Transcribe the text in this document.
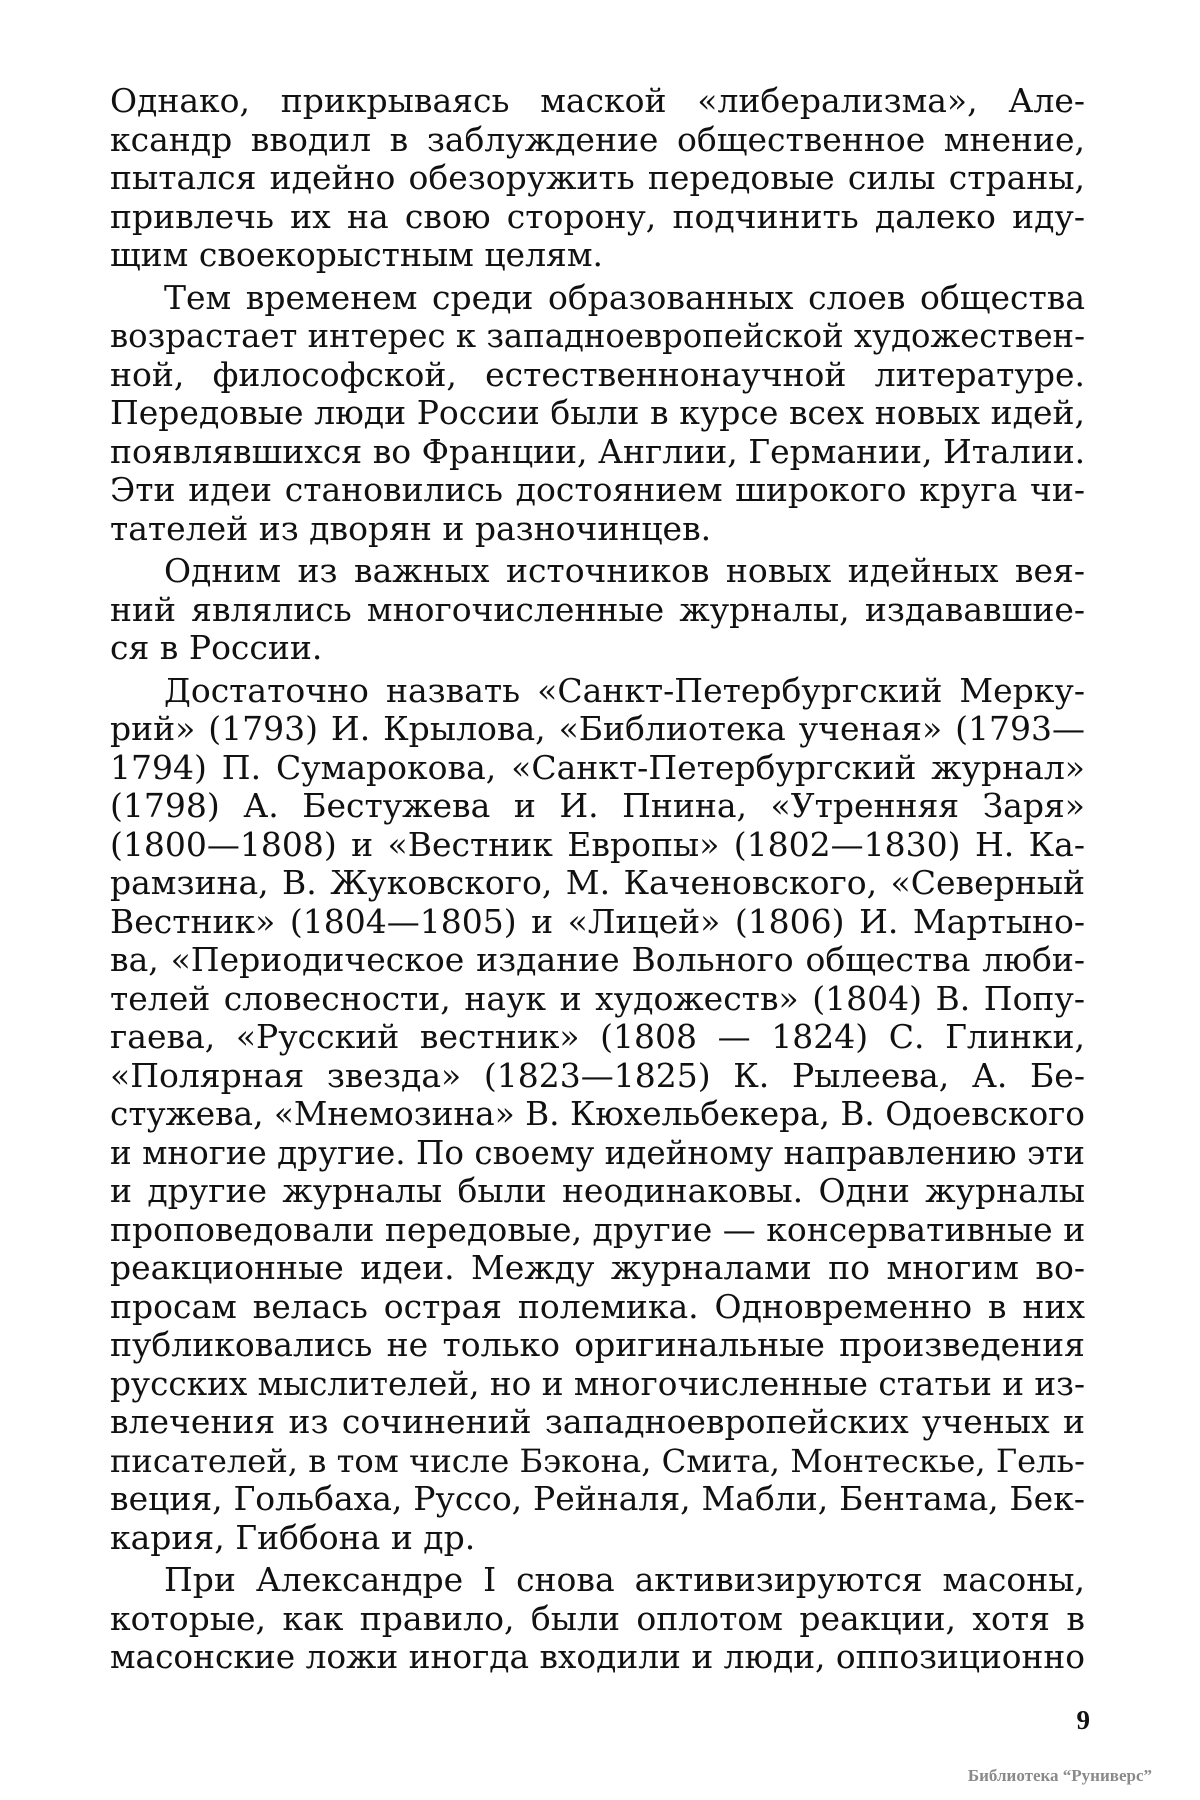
Однако, прикрываясь маской «либерализма», Але-
ксандр вводил в заблуждение общественное мнение,
пытался идейно обезоружить передовые силы страны,
привлечь их на свою сторону, подчинить далеко иду-
щим своекорыстным целям.
Тем временем среди образованных слоев общества
возрастает интерес к западноевропейской художествен-
ной, философской, естественнонаучной литературе.
Передовые люди России были в курсе всех новых идей,
появлявшихся во Франции, Англии, Германии, Италии.
Эти идеи становились достоянием широкого круга чи-
тателей из дворян и разночинцев.
Одним из важных источников новых идейных вея-
ний являлись многочисленные журналы, издававшие-
ся в России.
Достаточно назвать «Санкт-Петербургский Мерку-
рий» (1793) И. Крылова, «Библиотека ученая» (1793—
1794) П. Сумарокова, «Санкт-Петербургский журнал»
(1798) А. Бестужева и И. Пнина, «Утренняя Заря»
(1800—1808) и «Вестник Европы» (1802—1830) Н. Ка-
рамзина, В. Жуковского, М. Каченовского, «Северный
Вестник» (1804—1805) и «Лицей» (1806) И. Мартыно-
ва, «Периодическое издание Вольного общества люби-
телей словесности, наук и художеств» (1804) В. Попу-
гаева, «Русский вестник» (1808 — 1824) С. Глинки,
«Полярная звезда» (1823—1825) К. Рылеева, А. Бе-
стужева, «Мнемозина» В. Кюхельбекера, В. Одоевского
и многие другие. По своему идейному направлению эти
и другие журналы были неодинаковы. Одни журналы
проповедовали передовые, другие — консервативные и
реакционные идеи. Между журналами по многим во-
просам велась острая полемика. Одновременно в них
публиковались не только оригинальные произведения
русских мыслителей, но и многочисленные статьи и из-
влечения из сочинений западноевропейских ученых и
писателей, в том числе Бэкона, Смита, Монтескье, Гель-
веция, Гольбаха, Руссо, Рейналя, Мабли, Бентама, Бек-
кария, Гиббона и др.
При Александре I снова активизируются масоны,
которые, как правило, были оплотом реакции, хотя в
масонские ложи иногда входили и люди, оппозиционно
9
Библиотека “Руниверс”
